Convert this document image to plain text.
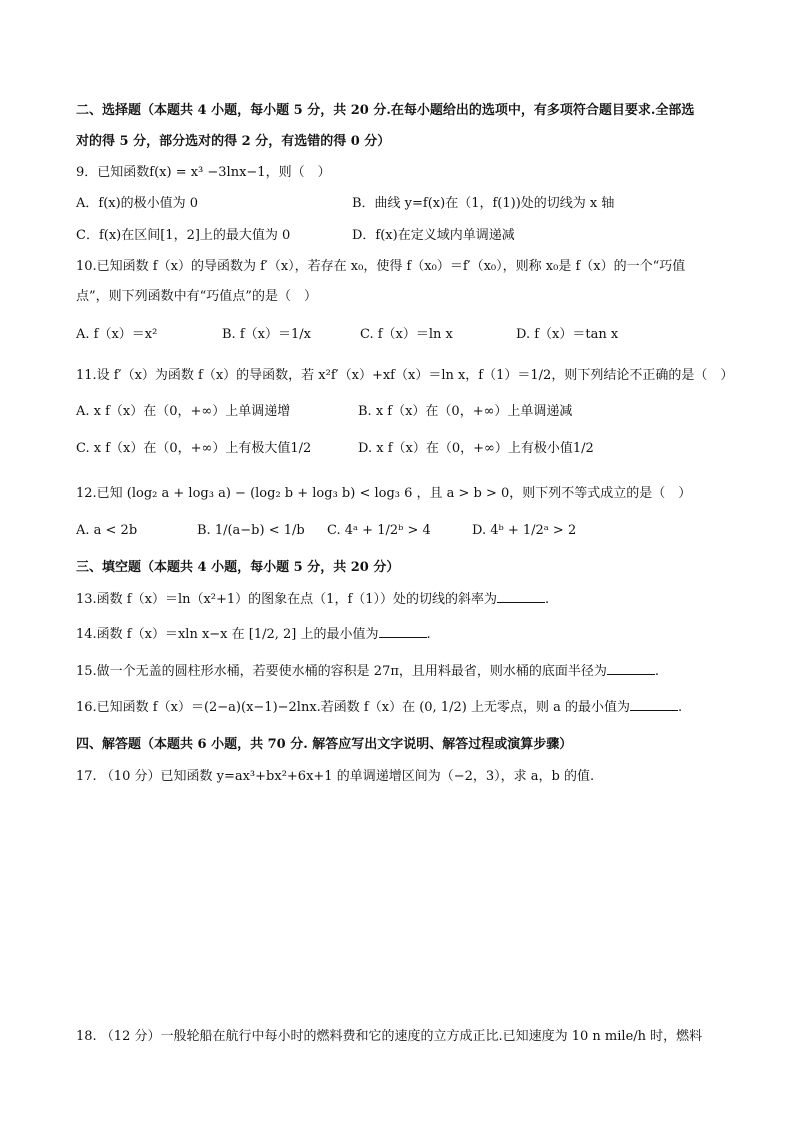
二、选择题（本题共 4 小题，每小题 5 分，共 20 分.在每小题给出的选项中，有多项符合题目要求.全部选
对的得 5 分，部分选对的得 2 分，有选错的得 0 分）
9．已知函数f(x) = x³ −3lnx−1，则（　）
A．f(x)的极小值为 0	B．曲线 y=f(x)在（1，f(1))处的切线为 x 轴
C．f(x)在区间[1，2]上的最大值为 0	D．f(x)在定义域内单调递减
10.已知函数 f（x）的导函数为 f′（x），若存在 x₀，使得 f（x₀）＝f′（x₀），则称 x₀是 f（x）的一个“巧值
点”，则下列函数中有“巧值点”的是（　）
A. f（x）＝x²	B. f（x）＝1/x	C. f（x）＝ln x	D. f（x）＝tan x
11.设 f′（x）为函数 f（x）的导函数，若 x²f′（x）+xf（x）＝ln x，f（1）＝1/2，则下列结论不正确的是（　）
A. x f（x）在（0，+∞）上单调递增	B. x f（x）在（0，+∞）上单调递减
C. x f（x）在（0，+∞）上有极大值1/2	D. x f（x）在（0，+∞）上有极小值1/2
12.已知 (log₂ a + log₃ a) − (log₂ b + log₃ b) < log₃ 6 ，且 a > b > 0，则下列不等式成立的是（　）
A. a < 2b	B. 1/(a−b) < 1/b C. 4ᵃ + 1/2ᵇ > 4	D. 4ᵇ + 1/2ᵃ > 2
三、填空题（本题共 4 小题，每小题 5 分，共 20 分）
13.函数 f（x）＝ln（x²+1）的图象在点（1，f（1））处的切线的斜率为	.
14.函数 f（x）＝xln x−x 在 [1/2, 2] 上的最小值为	.
15.做一个无盖的圆柱形水桶，若要使水桶的容积是 27π，且用料最省，则水桶的底面半径为	.
16.已知函数 f（x）＝(2−a)(x−1)−2lnx.若函数 f（x）在 (0, 1/2) 上无零点，则 a 的最小值为	.
四、解答题（本题共 6 小题，共 70 分. 解答应写出文字说明、解答过程或演算步骤）
17. （10 分）已知函数 y=ax³+bx²+6x+1 的单调递增区间为（−2，3），求 a，b 的值.
18. （12 分）一般轮船在航行中每小时的燃料费和它的速度的立方成正比.已知速度为 10 n mile/h 时，燃料
